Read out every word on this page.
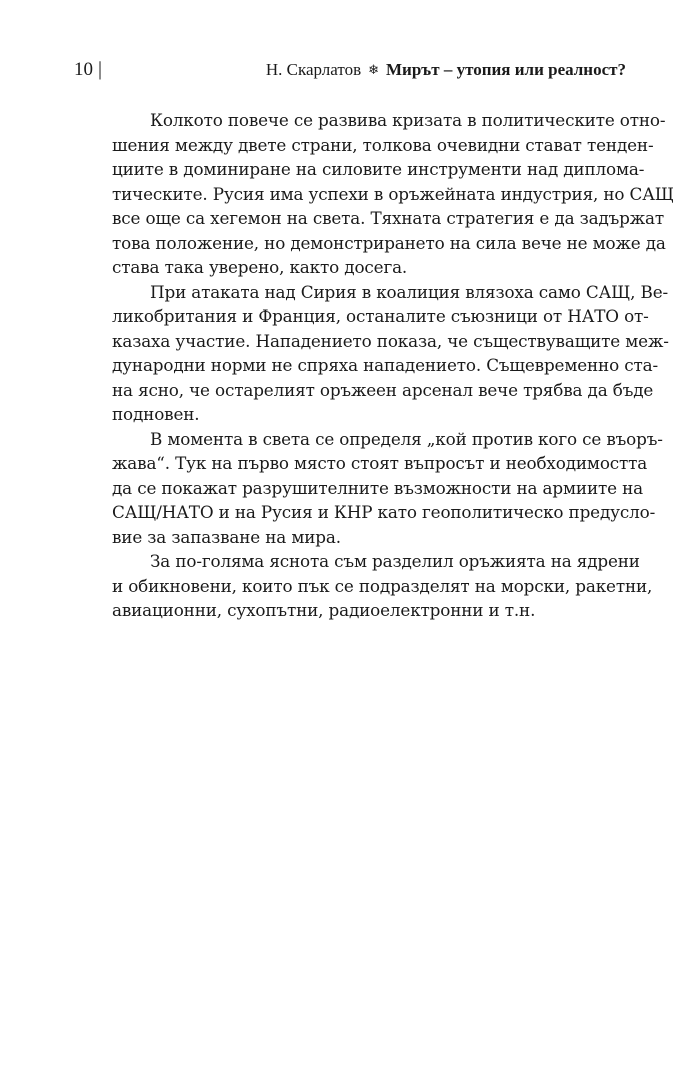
10 |	Н. Скарлатов ❄ Мирът – утопия или реалност?

Колкото повече се развива кризата в политическите отно-
шения между двете страни, толкова очевидни стават тенден-
циите в доминиране на силовите инструменти над диплома-
тическите. Русия има успехи в оръжейната индустрия, но САЩ
все още са хегемон на света. Тяхната стратегия е да задържат
това положение, но демонстрирането на сила вече не може да
става така уверено, както досега.

При атаката над Сирия в коалиция влязоха само САЩ, Ве-
ликобритания и Франция, останалите съюзници от НАТО от-
казаха участие. Нападението показа, че съществуващите меж-
дународни норми не спряха нападението. Същевременно ста-
на ясно, че остарелият оръжеен арсенал вече трябва да бъде
подновен.

В момента в света се определя „кой против кого се въоръ-
жава“. Тук на първо място стоят въпросът и необходимостта
да се покажат разрушителните възможности на армиите на
САЩ/НАТО и на Русия и КНР като геополитическо предусло-
вие за запазване на мира.

За по-голяма яснота съм разделил оръжията на ядрени
и обикновени, които пък се подразделят на морски, ракетни,
авиационни, сухопътни, радиоелектронни и т.н.
